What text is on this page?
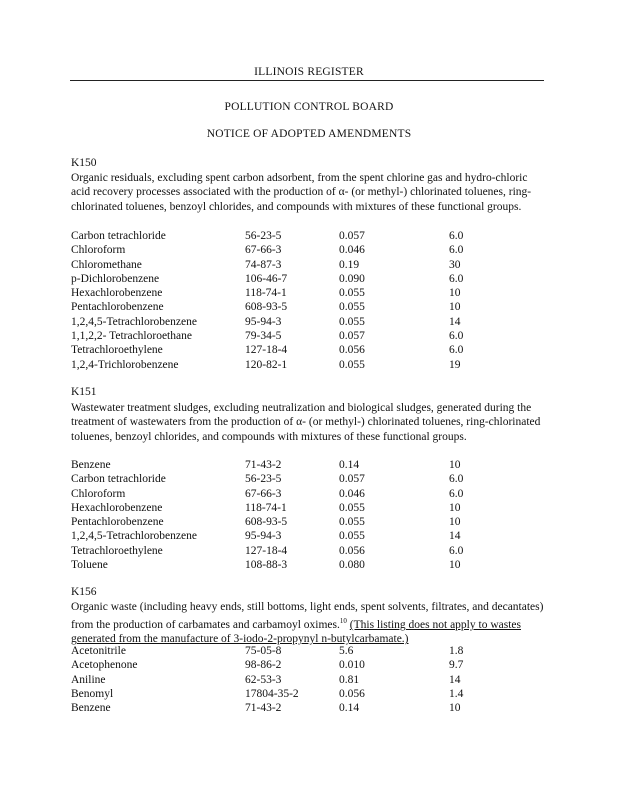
ILLINOIS REGISTER
POLLUTION CONTROL BOARD
NOTICE OF ADOPTED AMENDMENTS
K150
Organic residuals, excluding spent carbon adsorbent, from the spent chlorine gas and hydro-chloric acid recovery processes associated with the production of α- (or methyl-) chlorinated toluenes, ring-chlorinated toluenes, benzoyl chlorides, and compounds with mixtures of these functional groups.
Carbon tetrachloride	56-23-5	0.057	6.0
Chloroform	67-66-3	0.046	6.0
Chloromethane	74-87-3	0.19	30
p-Dichlorobenzene	106-46-7	0.090	6.0
Hexachlorobenzene	118-74-1	0.055	10
Pentachlorobenzene	608-93-5	0.055	10
1,2,4,5-Tetrachlorobenzene	95-94-3	0.055	14
1,1,2,2- Tetrachloroethane	79-34-5	0.057	6.0
Tetrachloroethylene	127-18-4	0.056	6.0
1,2,4-Trichlorobenzene	120-82-1	0.055	19
K151
Wastewater treatment sludges, excluding neutralization and biological sludges, generated during the treatment of wastewaters from the production of α- (or methyl-) chlorinated toluenes, ring-chlorinated toluenes, benzoyl chlorides, and compounds with mixtures of these functional groups.
Benzene	71-43-2	0.14	10
Carbon tetrachloride	56-23-5	0.057	6.0
Chloroform	67-66-3	0.046	6.0
Hexachlorobenzene	118-74-1	0.055	10
Pentachlorobenzene	608-93-5	0.055	10
1,2,4,5-Tetrachlorobenzene	95-94-3	0.055	14
Tetrachloroethylene	127-18-4	0.056	6.0
Toluene	108-88-3	0.080	10
K156
Organic waste (including heavy ends, still bottoms, light ends, spent solvents, filtrates, and decantates) from the production of carbamates and carbamoyl oximes.$^{10}$ (This listing does not apply to wastes generated from the manufacture of 3-iodo-2-propynyl n-butylcarbamate.)
Acetonitrile	75-05-8	5.6	1.8
Acetophenone	98-86-2	0.010	9.7
Aniline	62-53-3	0.81	14
Benomyl	17804-35-2	0.056	1.4
Benzene	71-43-2	0.14	10
